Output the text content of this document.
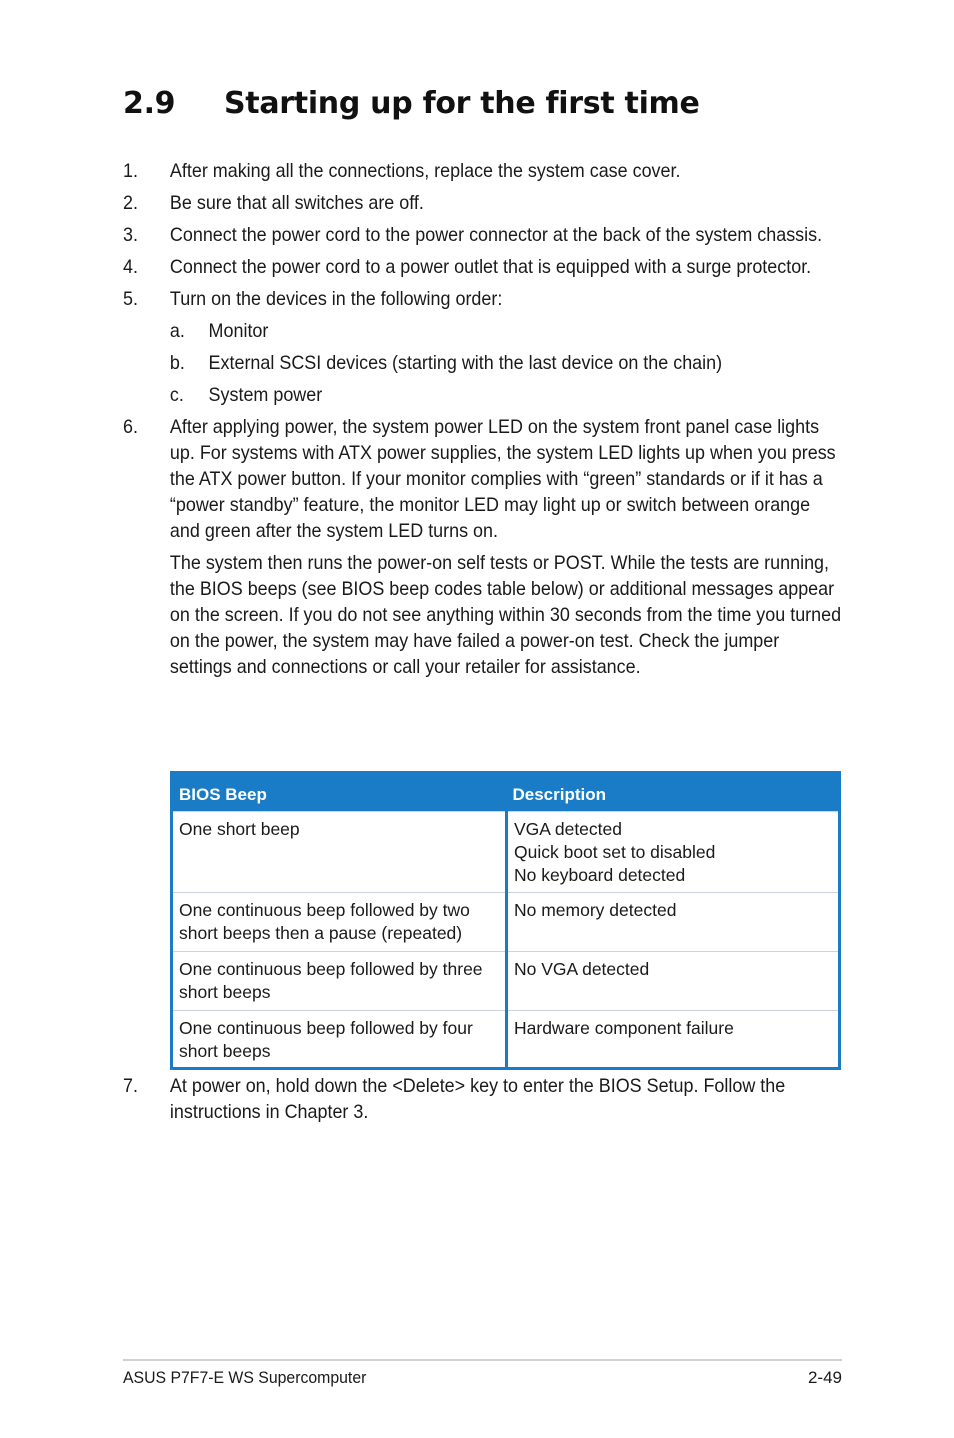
2.9 Starting up for the first time
1. After making all the connections, replace the system case cover.
2. Be sure that all switches are off.
3. Connect the power cord to the power connector at the back of the system chassis.
4. Connect the power cord to a power outlet that is equipped with a surge protector.
5. Turn on the devices in the following order:
a. Monitor
b. External SCSI devices (starting with the last device on the chain)
c. System power
6. After applying power, the system power LED on the system front panel case lights up. For systems with ATX power supplies, the system LED lights up when you press the ATX power button. If your monitor complies with “green” standards or if it has a “power standby” feature, the monitor LED may light up or switch between orange and green after the system LED turns on.
The system then runs the power-on self tests or POST. While the tests are running, the BIOS beeps (see BIOS beep codes table below) or additional messages appear on the screen. If you do not see anything within 30 seconds from the time you turned on the power, the system may have failed a power-on test. Check the jumper settings and connections or call your retailer for assistance.
BIOS Beep	Description
One short beep	VGA detected
Quick boot set to disabled
No keyboard detected

One continuous beep followed by two short beeps then a pause (repeated)	No memory detected

One continuous beep followed by three short beeps	No VGA detected

One continuous beep followed by four short beeps	Hardware component failure
7. At power on, hold down the <Delete> key to enter the BIOS Setup. Follow the instructions in Chapter 3.
ASUS P7F7-E WS Supercomputer	2-49
